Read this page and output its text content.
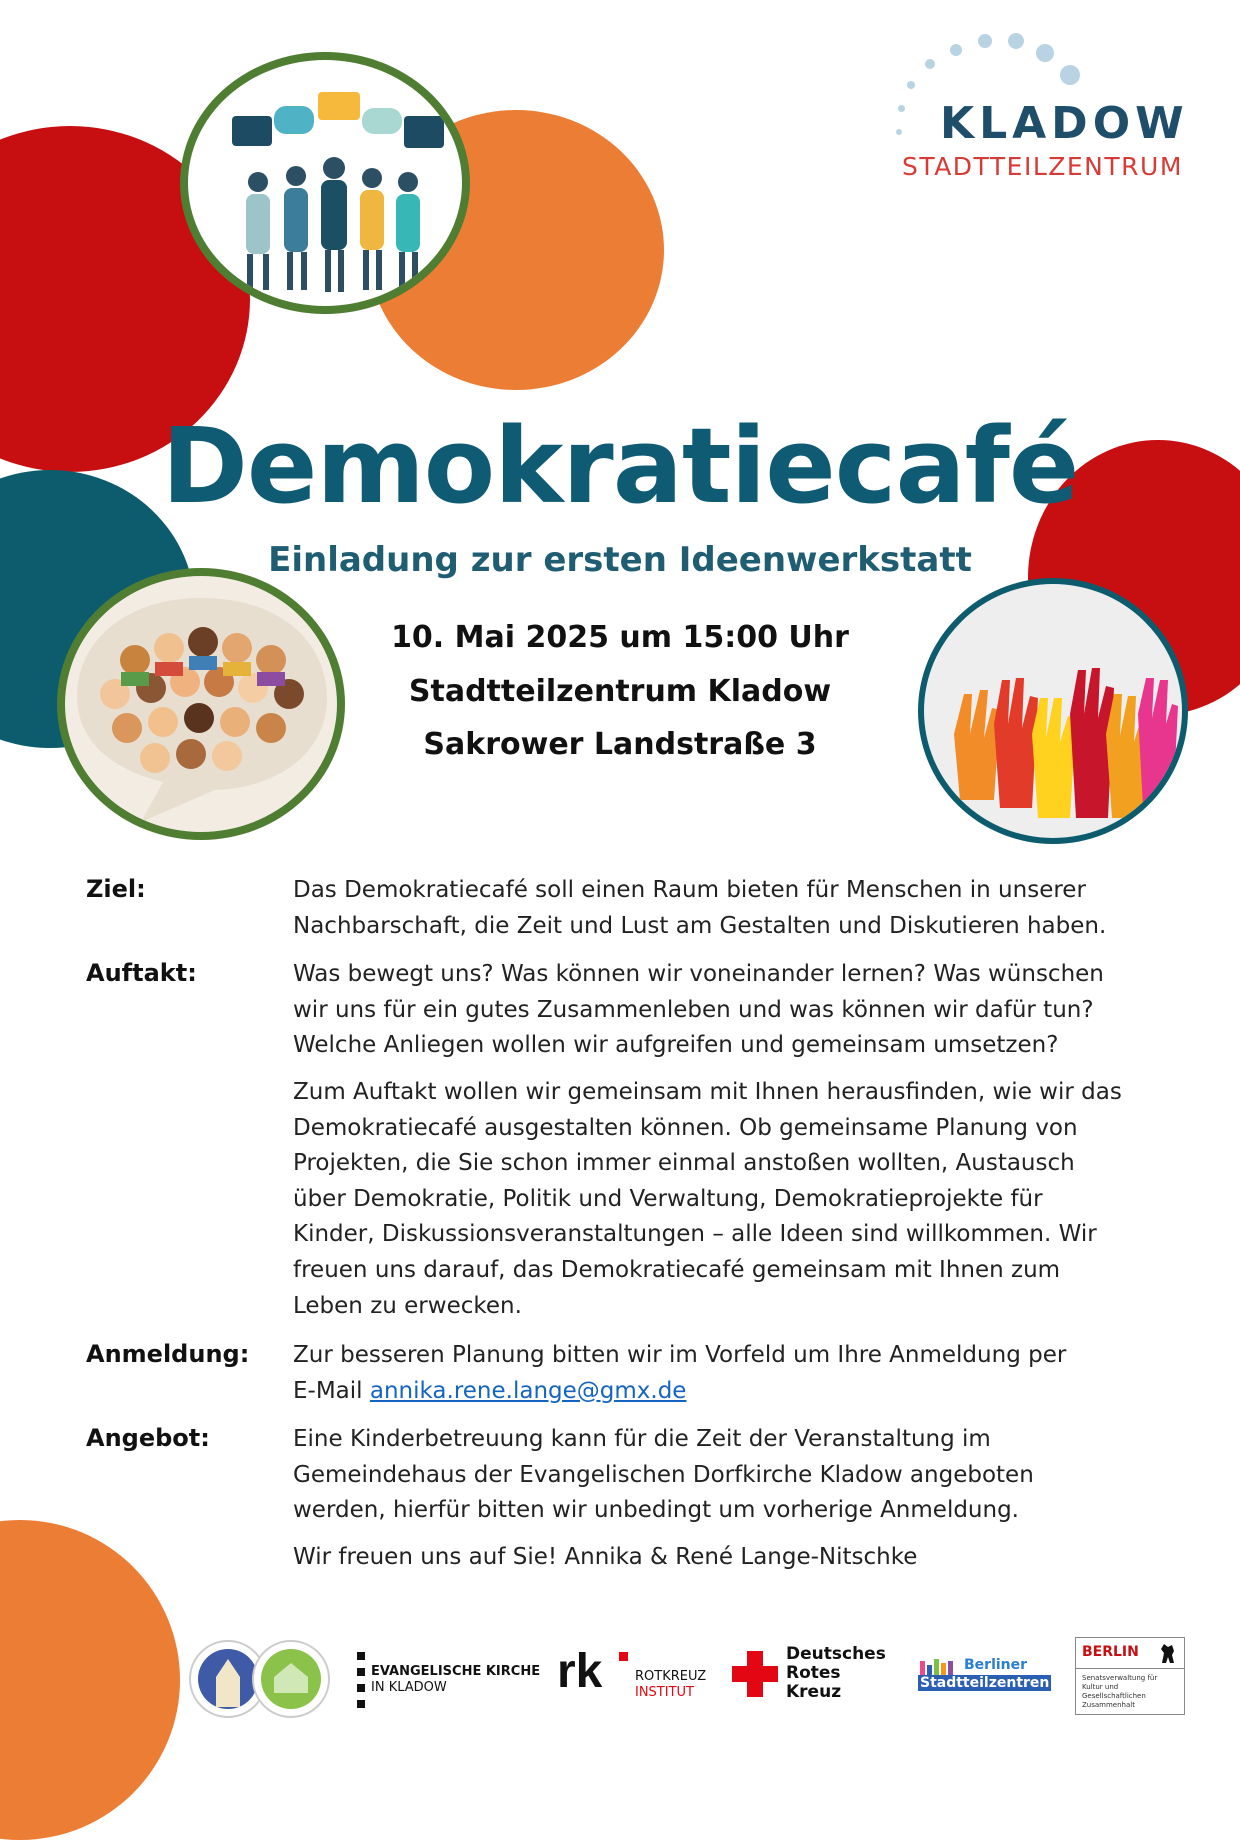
KLADOW
STADTTEILZENTRUM
Demokratiecafé
Einladung zur ersten Ideenwerkstatt
10. Mai 2025 um 15:00 Uhr
Stadtteilzentrum Kladow
Sakrower Landstraße 3
Ziel:	Das Demokratiecafé soll einen Raum bieten für Menschen in unserer
Nachbarschaft, die Zeit und Lust am Gestalten und Diskutieren haben.
Auftakt:	Was bewegt uns? Was können wir voneinander lernen? Was wünschen
wir uns für ein gutes Zusammenleben und was können wir dafür tun?
Welche Anliegen wollen wir aufgreifen und gemeinsam umsetzen?
Zum Auftakt wollen wir gemeinsam mit Ihnen herausfinden, wie wir das
Demokratiecafé ausgestalten können. Ob gemeinsame Planung von
Projekten, die Sie schon immer einmal anstoßen wollten, Austausch
über Demokratie, Politik und Verwaltung, Demokratieprojekte für
Kinder, Diskussionsveranstaltungen – alle Ideen sind willkommen. Wir
freuen uns darauf, das Demokratiecafé gemeinsam mit Ihnen zum
Leben zu erwecken.
Anmeldung: Zur besseren Planung bitten wir im Vorfeld um Ihre Anmeldung per
E-Mail annika.rene.lange@gmx.de
Angebot:	Eine Kinderbetreuung kann für die Zeit der Veranstaltung im
Gemeindehaus der Evangelischen Dorfkirche Kladow angeboten
werden, hierfür bitten wir unbedingt um vorherige Anmeldung.
Wir freuen uns auf Sie! Annika & René Lange-Nitschke
EVANGELISCHE KIRCHE
IN KLADOW rk	ROTKREUZ
INSTITUT
Deutsches
Rotes
Kreuz
Berliner
Stadtteilzentren
BERLIN
Senatsverwaltung für Kultur und Gesellschaftlichen Zusammenhalt
